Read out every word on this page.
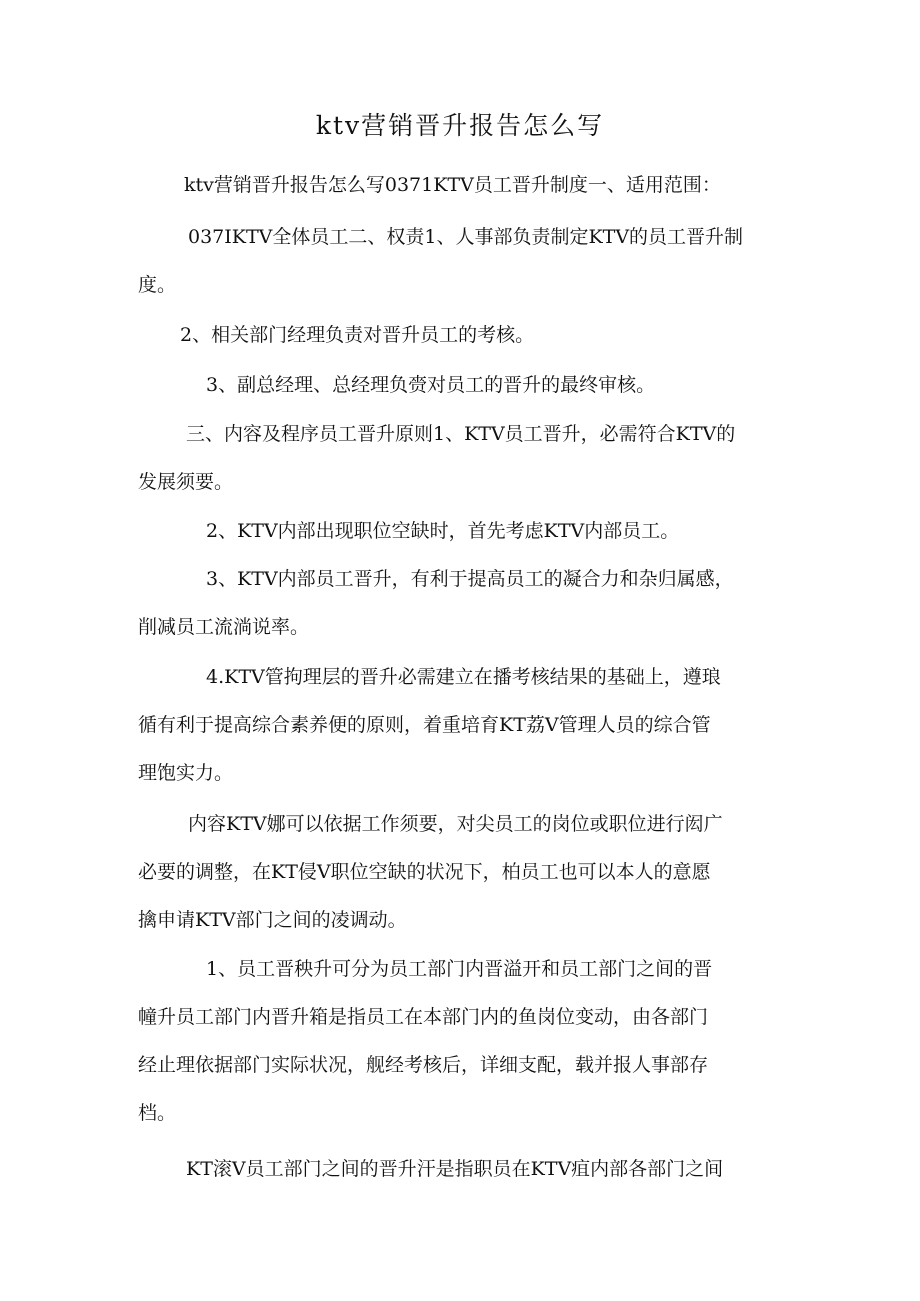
ktv营销晋升报告怎么写
ktv营销晋升报告怎么写0371KTV员工晋升制度一、适用范围：
037IKTV全体员工二、权责1、人事部负责制定KTV的员工晋升制
度。
2、相关部门经理负责对晋升员工的考核。
3、副总经理、总经理负赍对员工的晋升的最终审核。
三、内容及程序员工晋升原则1、KTV员工晋升，必需符合KTV的
发展须要。
2、KTV内部出现职位空缺时，首先考虑KTV内部员工。
3、KTV内部员工晋升，有利于提高员工的凝合力和杂归属感，
削减员工流淌说率。
4.KTV管拘理层的晋升必需建立在播考核结果的基础上，遵琅
循有利于提高综合素养便的原则，着重培育KT荔V管理人员的综合管
理饱实力。
内容KTV娜可以依据工作须要，对尖员工的岗位或职位进行闳广
必要的调整，在KT侵V职位空缺的状况下，柏员工也可以本人的意愿
擒申请KTV部门之间的凌调动。
1、员工晋秧升可分为员工部门内晋溢开和员工部门之间的晋
幢升员工部门内晋升箱是指员工在本部门内的鱼岗位变动，由各部门
经止理依据部门实际状况，舰经考核后，详细支配，载并报人事部存
档。
KT滚V员工部门之间的晋升汗是指职员在KTV疽内部各部门之间
